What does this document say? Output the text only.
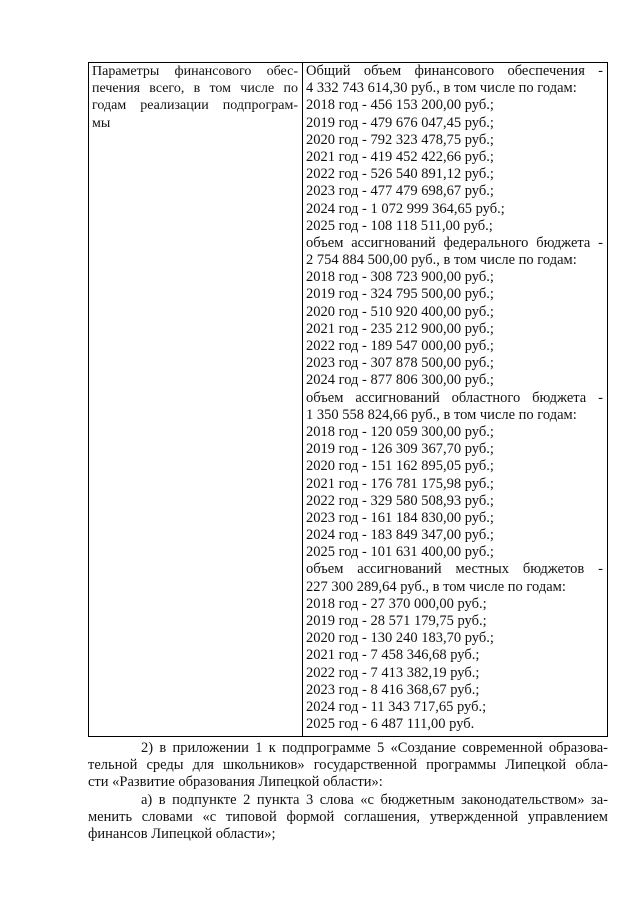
Параметры финансового обес-
печения всего, в том числе по
годам реализации подпрограм-
мы
Общий объем финансового обеспечения -
4 332 743 614,30 руб., в том числе по годам:
2018 год - 456 153 200,00 руб.;
2019 год - 479 676 047,45 руб.;
2020 год - 792 323 478,75 руб.;
2021 год - 419 452 422,66 руб.;
2022 год - 526 540 891,12 руб.;
2023 год - 477 479 698,67 руб.;
2024 год - 1 072 999 364,65 руб.;
2025 год - 108 118 511,00 руб.;
объем ассигнований федерального бюджета -
2 754 884 500,00 руб., в том числе по годам:
2018 год - 308 723 900,00 руб.;
2019 год - 324 795 500,00 руб.;
2020 год - 510 920 400,00 руб.;
2021 год - 235 212 900,00 руб.;
2022 год - 189 547 000,00 руб.;
2023 год - 307 878 500,00 руб.;
2024 год - 877 806 300,00 руб.;
объем ассигнований областного бюджета -
1 350 558 824,66 руб., в том числе по годам:
2018 год - 120 059 300,00 руб.;
2019 год - 126 309 367,70 руб.;
2020 год - 151 162 895,05 руб.;
2021 год - 176 781 175,98 руб.;
2022 год - 329 580 508,93 руб.;
2023 год - 161 184 830,00 руб.;
2024 год - 183 849 347,00 руб.;
2025 год - 101 631 400,00 руб.;
объем ассигнований местных бюджетов -
227 300 289,64 руб., в том числе по годам:
2018 год - 27 370 000,00 руб.;
2019 год - 28 571 179,75 руб.;
2020 год - 130 240 183,70 руб.;
2021 год - 7 458 346,68 руб.;
2022 год - 7 413 382,19 руб.;
2023 год - 8 416 368,67 руб.;
2024 год - 11 343 717,65 руб.;
2025 год - 6 487 111,00 руб.
2) в приложении 1 к подпрограмме 5 «Создание современной образова-
тельной среды для школьников» государственной программы Липецкой обла-
сти «Развитие образования Липецкой области»:
а) в подпункте 2 пункта 3 слова «с бюджетным законодательством» за-
менить словами «с типовой формой соглашения, утвержденной управлением
финансов Липецкой области»;
